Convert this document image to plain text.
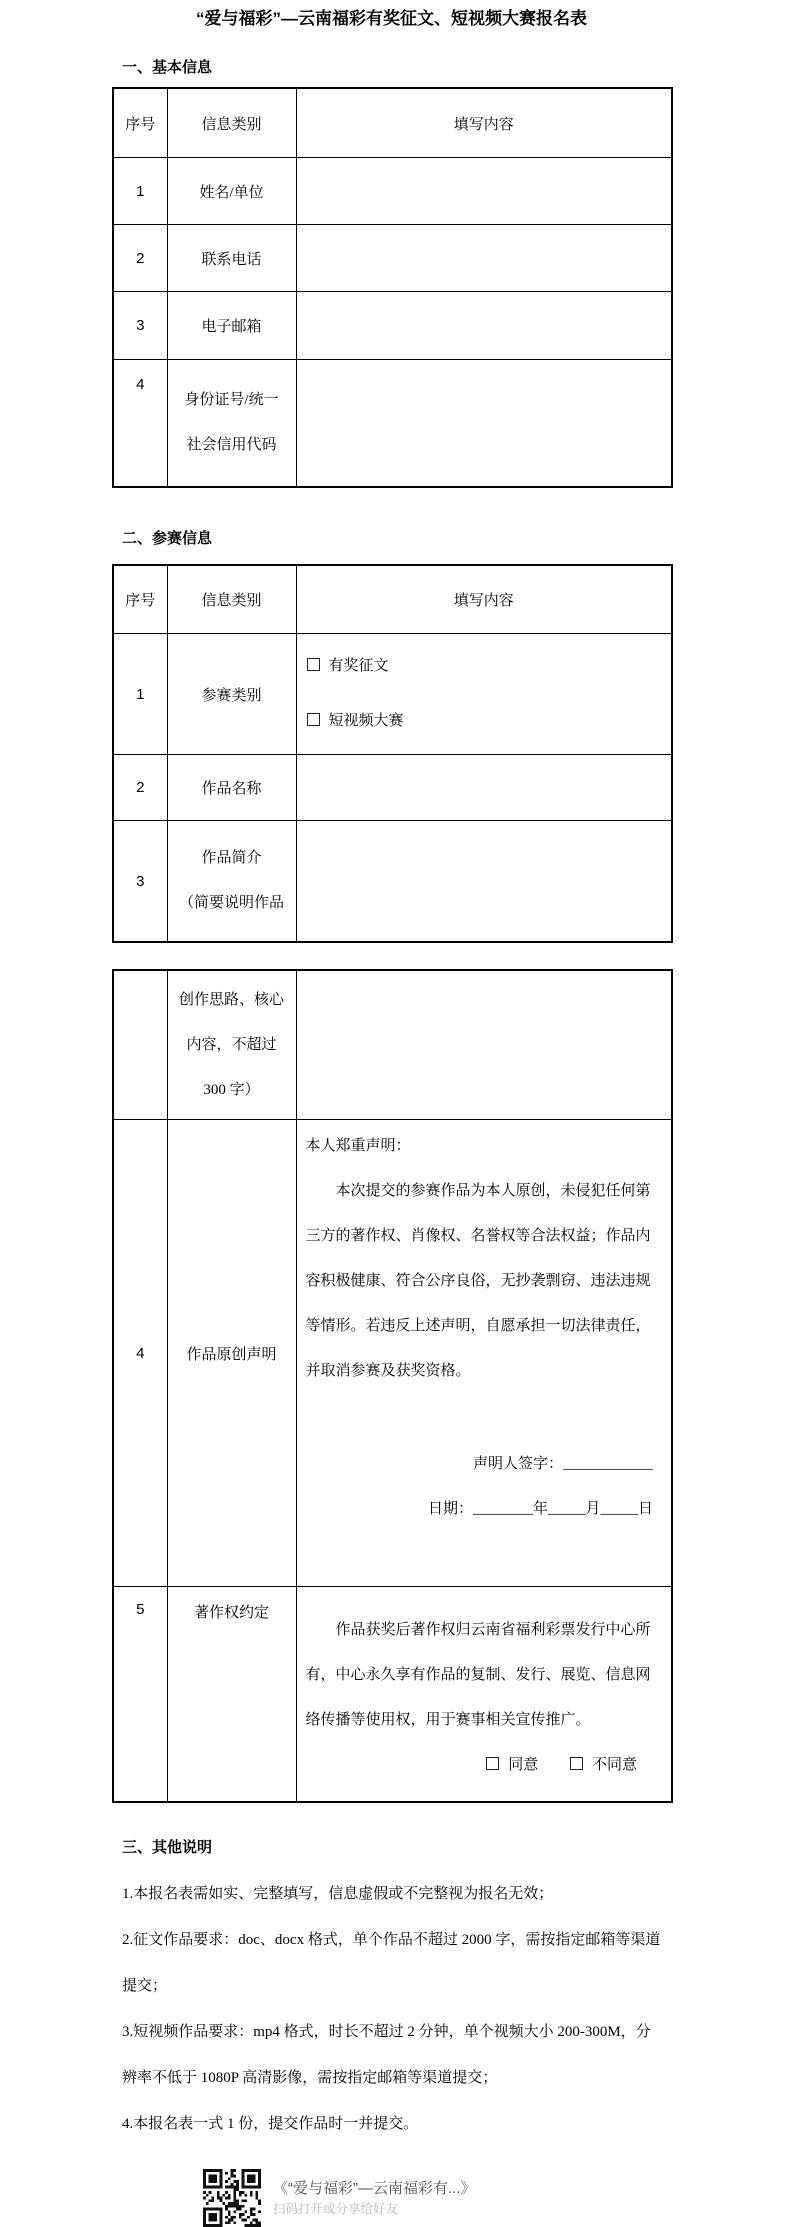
“爱与福彩”—云南福彩有奖征文、短视频大赛报名表
一、基本信息
序号	信息类别	填写内容
1	姓名/单位	
2	联系电话	
3	电子邮箱	
4	身份证号/统一
社会信用代码	

二、参赛信息
序号	信息类别	填写内容
1	参赛类别	有奖征文
短视频大赛

2	作品名称	
3	作品简介
（简要说明作品	

	创作思路、核心
内容，不超过
300 字）	

4	作品原创声明	本人郑重声明：

本次提交的参赛作品为本人原创，未侵犯任何第三方的著作权、肖像权、名誉权等合法权益；作品内容积极健康、符合公序良俗，无抄袭剽窃、违法违规等情形。若违反上述声明，自愿承担一切法律责任，并取消参赛及获奖资格。

声明人签字：____________

日期：________年_____月_____日

5	著作权约定	作品获奖后著作权归云南省福利彩票发行中心所有，中心永久享有作品的复制、发行、展览、信息网络传播等使用权，用于赛事相关宣传推广。

同意 不同意
三、其他说明

1.本报名表需如实、完整填写，信息虚假或不完整视为报名无效；

2.征文作品要求：doc、docx 格式，单个作品不超过 2000 字，需按指定邮箱等渠道提交；

3.短视频作品要求：mp4 格式，时长不超过 2 分钟，单个视频大小 200-300M，分辨率不低于 1080P 高清影像，需按指定邮箱等渠道提交；

4.本报名表一式 1 份，提交作品时一并提交。

《“爱与福彩”—云南福彩有...》
扫码打开或分享给好友
